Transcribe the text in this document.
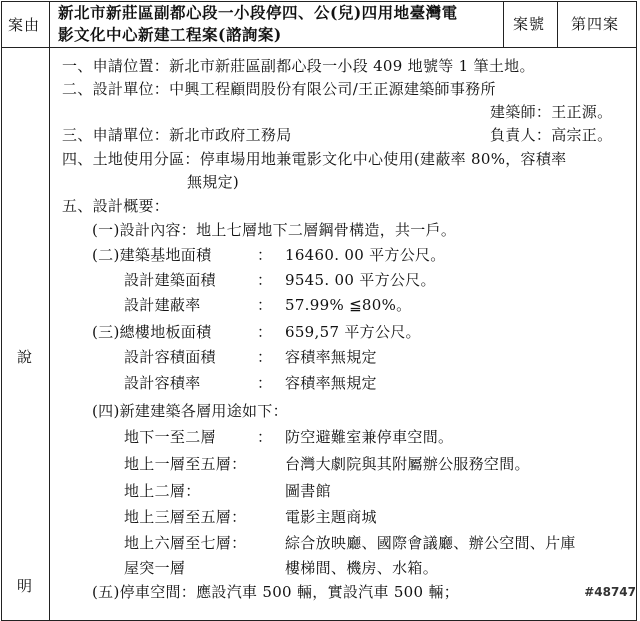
案由
新北市新莊區副都心段一小段停四、公(兒)四用地臺灣電
影文化中心新建工程案(諮詢案)
案號 第四案
說
明
一、申請位置：新北市新莊區副都心段一小段 409 地號等 1 筆土地。
二、設計單位：中興工程顧問股份有限公司/王正源建築師事務所
建築師：王正源。
三、申請單位：新北市政府工務局	負責人：高宗正。
四、土地使用分區：停車場用地兼電影文化中心使用(建蔽率 80%，容積率
無規定)
五、設計概要：
(一)設計內容：地上七層地下二層鋼骨構造，共一戶。
(二)建築基地面積	： 16460. 00 平方公尺。
設計建築面積	： 9545. 00 平方公尺。
設計建蔽率	： 57.99% ≦80%。
(三)總樓地板面積	： 659,57 平方公尺。
設計容積面積	： 容積率無規定
設計容積率	： 容積率無規定
(四)新建建築各層用途如下：
地下一至二層	： 防空避難室兼停車空間。
地上一層至五層：	台灣大劇院與其附屬辦公服務空間。
地上二層：	圖書館
地上三層至五層：	電影主題商城
地上六層至七層：	綜合放映廳、國際會議廳、辦公空間、片庫
屋突一層	樓梯間、機房、水箱。
(五)停車空間：應設汽車 500 輛，實設汽車 500 輛；	#48747
